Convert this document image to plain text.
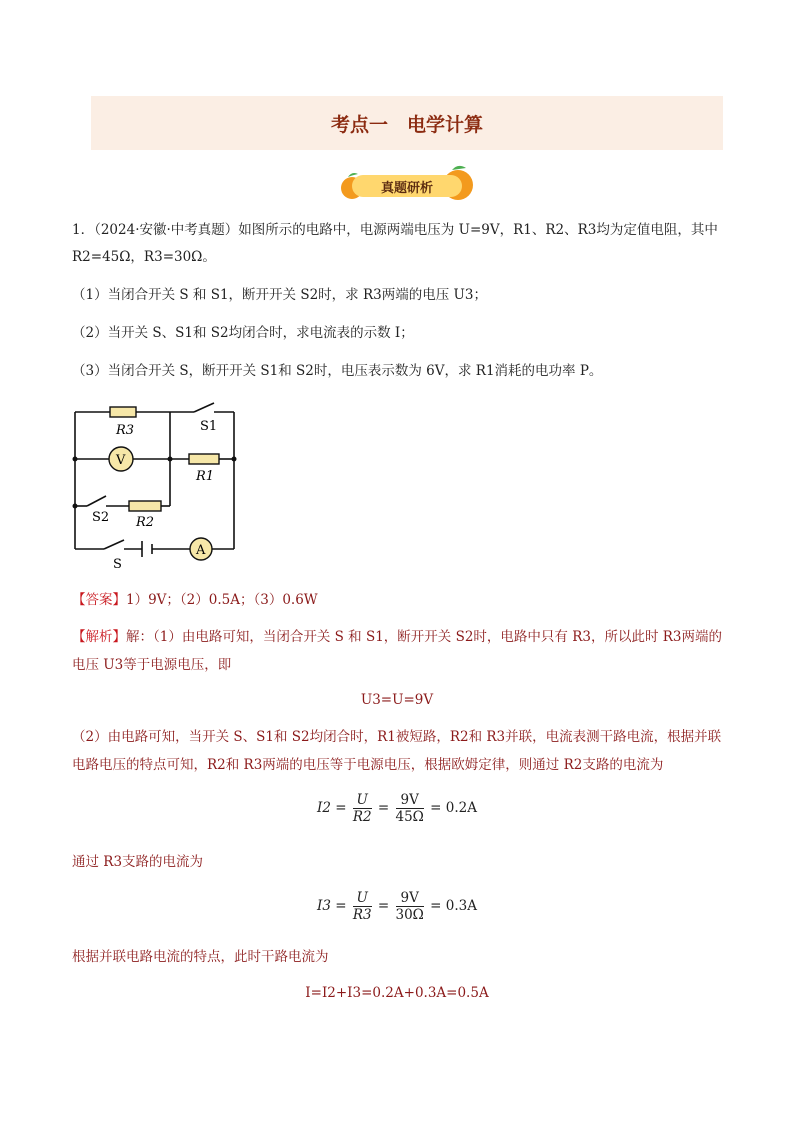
考点一　电学计算
真题研析
1．（2024·安徽·中考真题）如图所示的电路中，电源两端电压为 U=9V，R1、R2、R3均为定值电阻，其中
R2=45Ω，R3=30Ω。
（1）当闭合开关 S 和 S1，断开开关 S2时，求 R3两端的电压 U3；
（2）当开关 S、S1和 S2均闭合时，求电流表的示数 I；
（3）当闭合开关 S，断开开关 S1和 S2时，电压表示数为 6V，求 R1消耗的电功率 P。
R3	S1
V
R1
S2 R2
S
A
【答案】1）9V；（2）0.5A；（3）0.6W
【解析】解：（1）由电路可知，当闭合开关 S 和 S1，断开开关 S2时，电路中只有 R3，所以此时 R3两端的
电压 U3等于电源电压，即
U3=U=9V
（2）由电路可知，当开关 S、S1和 S2均闭合时，R1被短路，R2和 R3并联，电流表测干路电流，根据并联
电路电压的特点可知，R2和 R3两端的电压等于电源电压，根据欧姆定律，则通过 R2支路的电流为
$I2 = \frac{U}{R2} = \frac{9V}{45\Omega} = 0.2A$
通过 R3支路的电流为
$I3 = \frac{U}{R3} = \frac{9V}{30\Omega} = 0.3A$
根据并联电路电流的特点，此时干路电流为
I=I2+I3=0.2A+0.3A=0.5A
